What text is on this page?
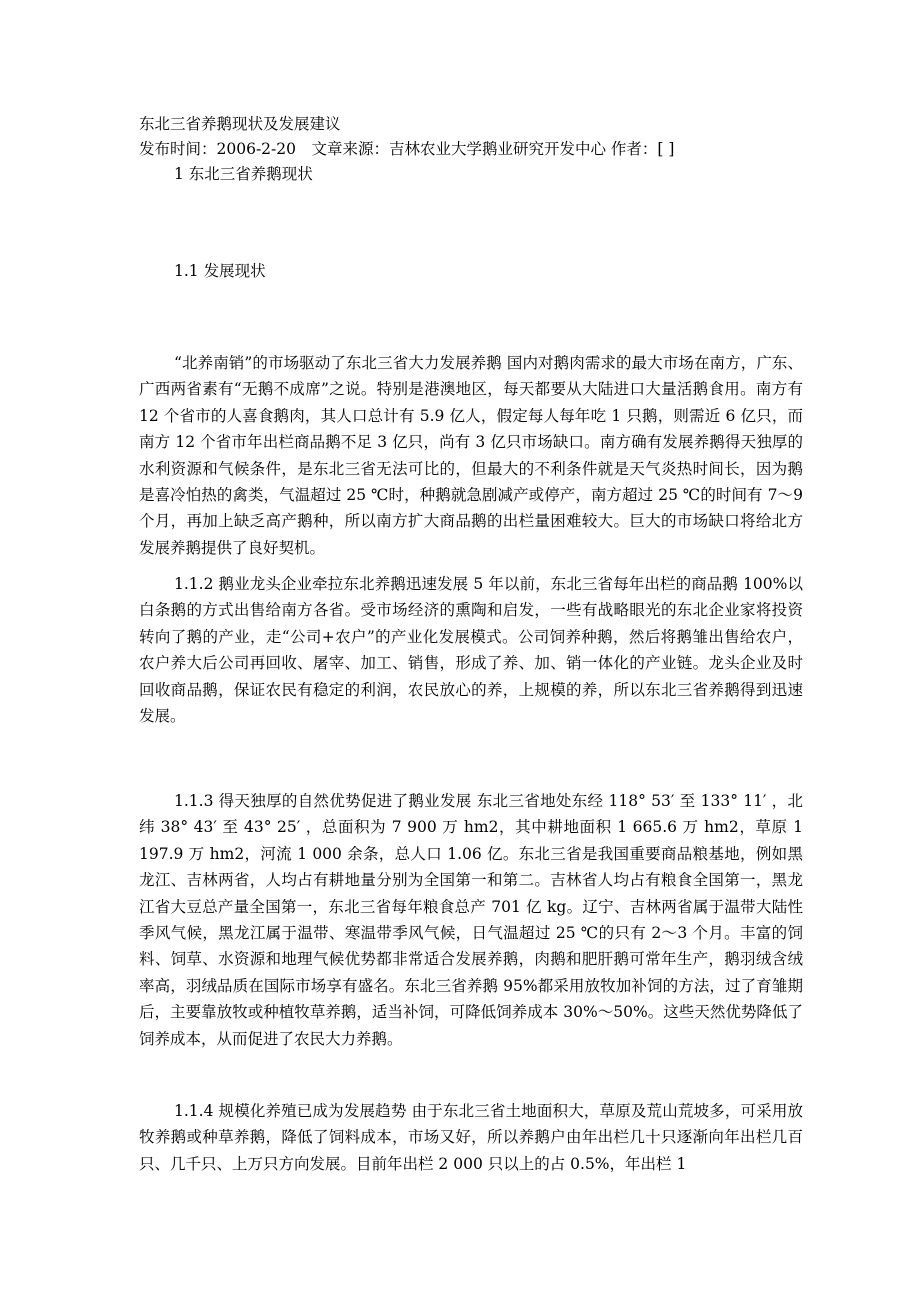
东北三省养鹅现状及发展建议
发布时间：2006-2-20　文章来源：吉林农业大学鹅业研究开发中心 作者：[ ]
1 东北三省养鹅现状
1.1 发展现状

“北养南销”的市场驱动了东北三省大力发展养鹅 国内对鹅肉需求的最大市场在南方，广东、广西两省素有“无鹅不成席”之说。特别是港澳地区，每天都要从大陆进口大量活鹅食用。南方有 12 个省市的人喜食鹅肉，其人口总计有 5.9 亿人，假定每人每年吃 1 只鹅，则需近 6 亿只，而南方 12 个省市年出栏商品鹅不足 3 亿只，尚有 3 亿只市场缺口。南方确有发展养鹅得天独厚的水利资源和气候条件，是东北三省无法可比的，但最大的不利条件就是天气炎热时间长，因为鹅是喜冷怕热的禽类，气温超过 25 ℃时，种鹅就急剧减产或停产，南方超过 25 ℃的时间有 7～9 个月，再加上缺乏高产鹅种，所以南方扩大商品鹅的出栏量困难较大。巨大的市场缺口将给北方发展养鹅提供了良好契机。

1.1.2 鹅业龙头企业牵拉东北养鹅迅速发展 5 年以前，东北三省每年出栏的商品鹅 100%以白条鹅的方式出售给南方各省。受市场经济的熏陶和启发，一些有战略眼光的东北企业家将投资转向了鹅的产业，走“公司+农户”的产业化发展模式。公司饲养种鹅，然后将鹅雏出售给农户，农户养大后公司再回收、屠宰、加工、销售，形成了养、加、销一体化的产业链。龙头企业及时回收商品鹅，保证农民有稳定的利润，农民放心的养，上规模的养，所以东北三省养鹅得到迅速发展。

1.1.3 得天独厚的自然优势促进了鹅业发展 东北三省地处东经 118° 53′ 至 133° 11′ ，北纬 38° 43′ 至 43° 25′ ，总面积为 7 900 万 hm2，其中耕地面积 1 665.6 万 hm2，草原 1 197.9 万 hm2，河流 1 000 余条，总人口 1.06 亿。东北三省是我国重要商品粮基地，例如黑龙江、吉林两省，人均占有耕地量分别为全国第一和第二。吉林省人均占有粮食全国第一，黑龙江省大豆总产量全国第一，东北三省每年粮食总产 701 亿 kg。辽宁、吉林两省属于温带大陆性季风气候，黑龙江属于温带、寒温带季风气候，日气温超过 25 ℃的只有 2～3 个月。丰富的饲料、饲草、水资源和地理气候优势都非常适合发展养鹅，肉鹅和肥肝鹅可常年生产，鹅羽绒含绒率高，羽绒品质在国际市场享有盛名。东北三省养鹅 95%都采用放牧加补饲的方法，过了育雏期后，主要靠放牧或种植牧草养鹅，适当补饲，可降低饲养成本 30%～50%。这些天然优势降低了饲养成本，从而促进了农民大力养鹅。

1.1.4 规模化养殖已成为发展趋势 由于东北三省土地面积大，草原及荒山荒坡多，可采用放牧养鹅或种草养鹅，降低了饲料成本，市场又好，所以养鹅户由年出栏几十只逐渐向年出栏几百只、几千只、上万只方向发展。目前年出栏 2 000 只以上的占 0.5%，年出栏 1
